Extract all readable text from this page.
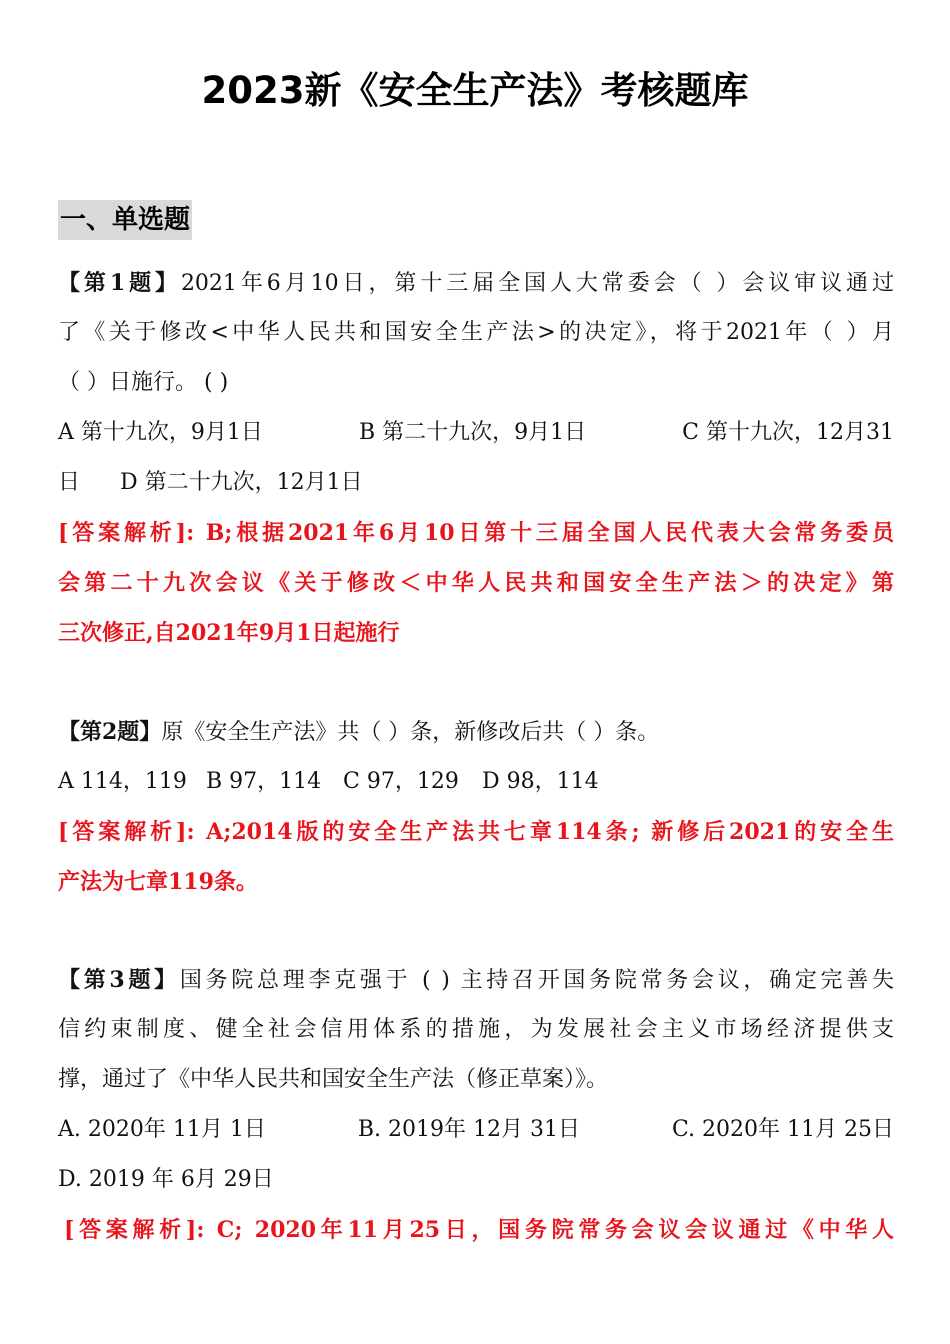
2023新《安全生产法》考核题库
一、单选题

【第1题】2021年6月10日，第十三届全国人大常委会（ ）会议审议通过

了《关于修改<中华人民共和国安全生产法>的决定》，将于2021年（ ）月

（ ）日施行。 ( )

A 第十九次，9月1日	B 第二十九次，9月1日	C 第十九次，12月31

日 D 第二十九次，12月1日

[答案解析]: B;根据2021年6月10日第十三届全国人民代表大会常务委员

会第二十九次会议《关于修改＜中华人民共和国安全生产法＞的决定》第

三次修正,自2021年9月1日起施行

【第2题】原《安全生产法》共（ ）条，新修改后共（ ）条。

A 114，119 B 97，114 C 97，129 D 98，114

[答案解析]: A;2014版的安全生产法共七章114条; 新修后2021的安全生

产法为七章119条。

【第3题】国务院总理李克强于 ( ) 主持召开国务院常务会议，确定完善失

信约束制度、健全社会信用体系的措施，为发展社会主义市场经济提供支

撑，通过了《中华人民共和国安全生产法（修正草案）》。

A. 2020年 11月 1日	B. 2019年 12月 31日	C. 2020年 11月 25日

D. 2019 年 6月 29日

[答案解析]: C; 2020年11月25日，国务院常务会议会议通过《中华人
